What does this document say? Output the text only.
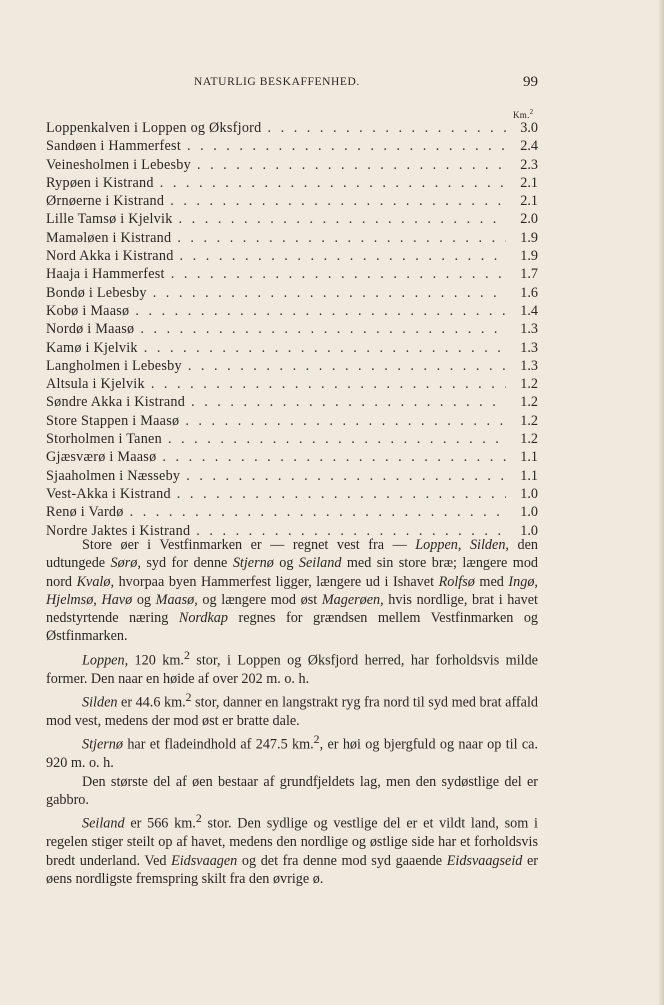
NATURLIG BESKAFFENHED.	99
Km.$^2$
Loppenkalven i Loppen og Øksfjord . . .	3.0
Sandøen i Hammerfest . . .	2.4
Veinesholmen i Lebesby . . .	2.3
Rypøen i Kistrand . . .	2.1
Ørnøerne i Kistrand . . .	2.1
Lille Tamsø i Kjelvik . . .	2.0
Maməløen i Kistrand . . .	1.9
Nord Akka i Kistrand . . .	1.9
Haaja i Hammerfest . . .	1.7
Bondø i Lebesby . . .	1.6
Kobø i Maasø . . .	1.4
Nordø i Maasø . . .	1.3
Kamø i Kjelvik . . .	1.3
Langholmen i Lebesby . . .	1.3
Altsula i Kjelvik . . .	1.2
Søndre Akka i Kistrand . . .	1.2
Store Stappen i Maasø . . .	1.2
Storholmen i Tanen . . .	1.2
Gjæsværø i Maasø . . .	1.1
Sjaaholmen i Næsseby . . .	1.1
Vest-Akka i Kistrand . . .	1.0
Renø i Vardø . . .	1.0
Nordre Jaktes i Kistrand . . .	1.0

Store øer i Vestfinmarken er — regnet vest fra — Loppen, Silden, den udtungede Sørø, syd for denne Stjernø og Seiland med sin store bræ; længere mod nord Kvalø, hvorpaa byen Hammerfest ligger, længere ud i Ishavet Rolfsø med Ingø, Hjelmsø, Havø og Maasø, og længere mod øst Magerøen, hvis nordlige, brat i havet nedstyrtende næring Nordkap regnes for grændsen mellem Vestfinmarken og Østfinmarken.

Loppen, 120 km.$^2$ stor, i Loppen og Øksfjord herred, har forholdsvis milde former. Den naar en høide af over 202 m. o. h.

Silden er 44.6 km.$^2$ stor, danner en langstrakt ryg fra nord til syd med brat affald mod vest, medens der mod øst er bratte dale.

Stjernø har et fladeindhold af 247.5 km.$^2$, er høi og bjergfuld og naar op til ca. 920 m. o. h.

Den største del af øen bestaar af grundfjeldets lag, men den sydøstlige del er gabbro.

Seiland er 566 km.$^2$ stor. Den sydlige og vestlige del er et vildt land, som i regelen stiger steilt op af havet, medens den nordlige og østlige side har et forholdsvis bredt underland. Ved Eidsvaagen og det fra denne mod syd gaaende Eidsvaagseid er øens nordligste fremspring skilt fra den øvrige ø.
